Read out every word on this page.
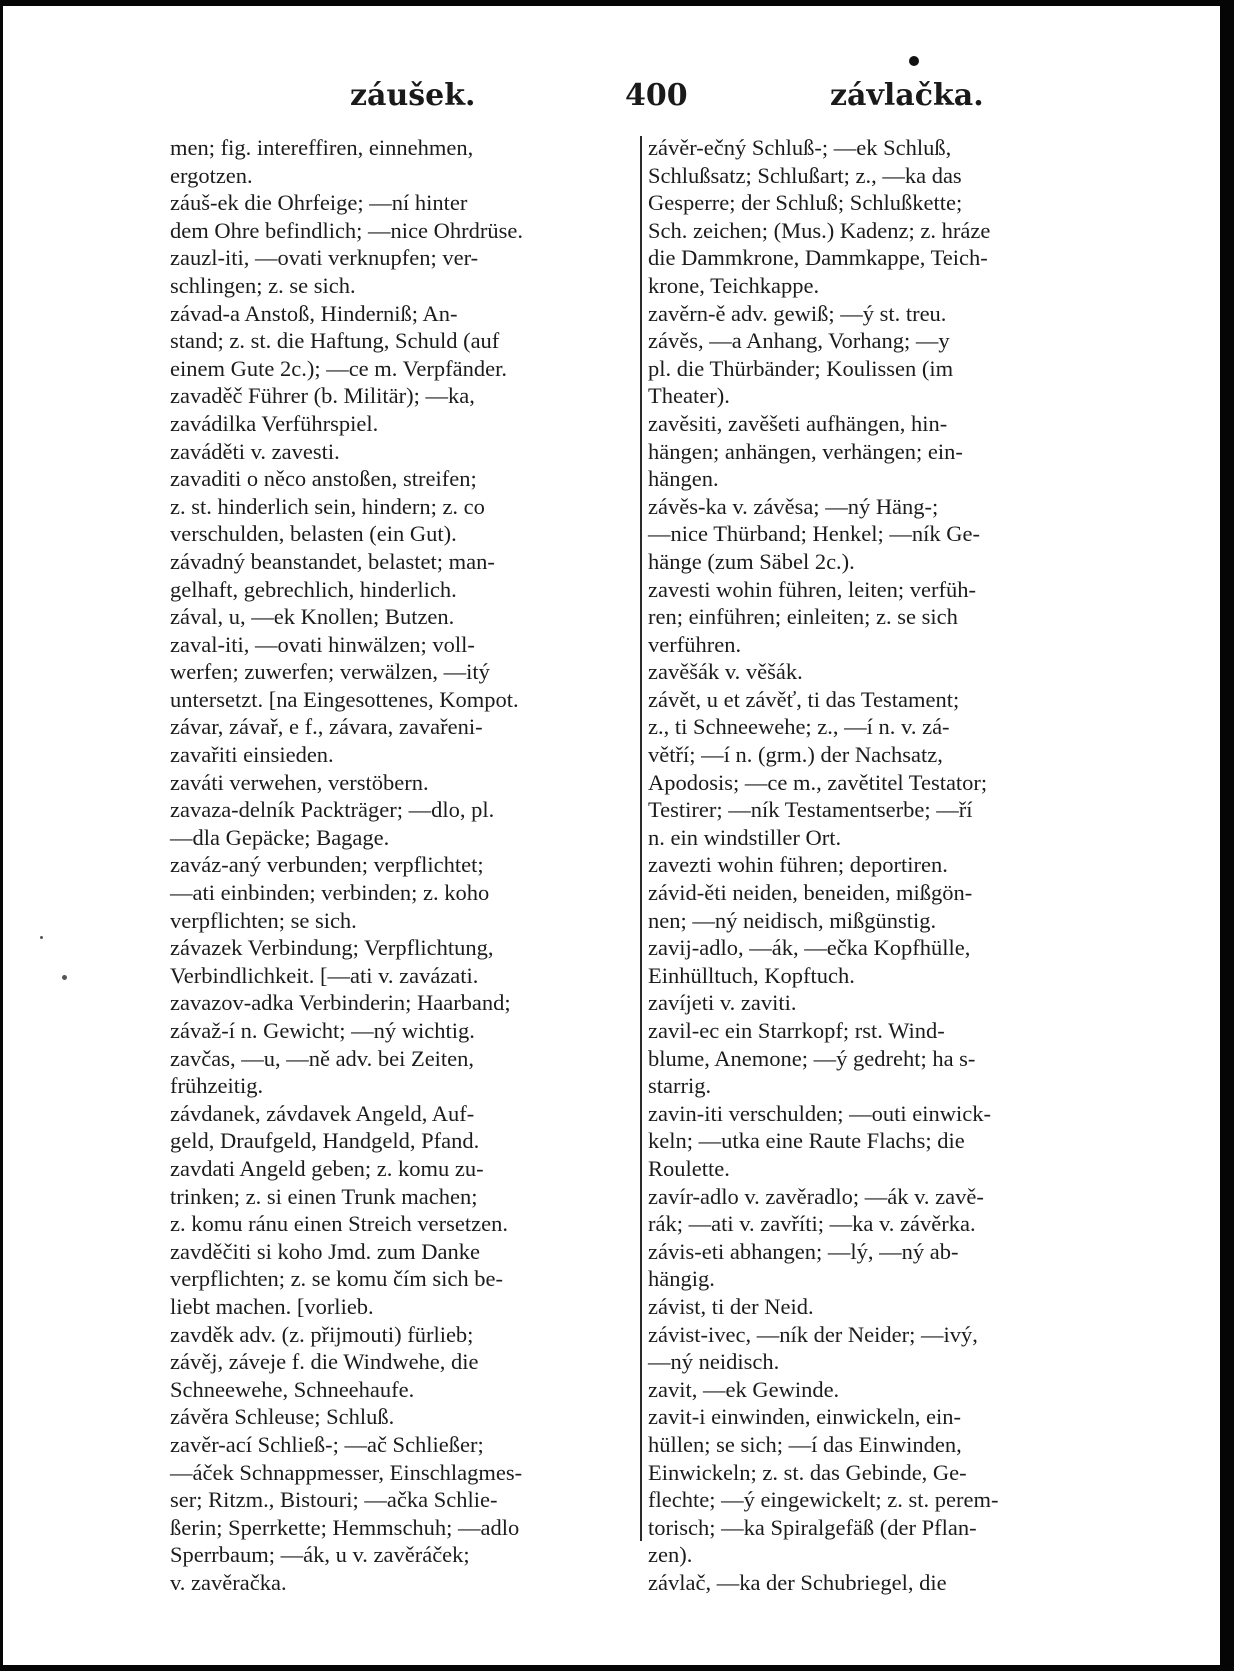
záušek.	400	závlačka.
men; fig. intereffiren, einnehmen,
ergotzen.
záuš-ek die Ohrfeige; —ní hinter
dem Ohre befindlich; —nice Ohrdrüse.
zauzl-iti, —ovati verknupfen; ver-
schlingen; z. se sich.
závad-a Anstoß, Hinderniß; An-
stand; z. st. die Haftung, Schuld (auf
einem Gute 2c.); —ce m. Verpfänder.
zavaděč Führer (b. Militär); —ka,
zavádilka Verführspiel.
zaváděti v. zavesti.
zavaditi o něco anstoßen, streifen;
z. st. hinderlich sein, hindern; z. co
verschulden, belasten (ein Gut).
závadný beanstandet, belastet; man-
gelhaft, gebrechlich, hinderlich.
zával, u, —ek Knollen; Butzen.
zaval-iti, —ovati hinwälzen; voll-
werfen; zuwerfen; verwälzen, —itý
untersetzt. [na Eingesottenes, Kompot.
závar, závař, e f., závara, zavařeni-
zavařiti einsieden.
zaváti verwehen, verstöbern.
zavaza-delník Packträger; —dlo, pl.
—dla Gepäcke; Bagage.
zaváz-aný verbunden; verpflichtet;
—ati einbinden; verbinden; z. koho
verpflichten; se sich.
závazek Verbindung; Verpflichtung,
Verbindlichkeit. [—ati v. zavázati.
zavazov-adka Verbinderin; Haarband;
závaž-í n. Gewicht; —ný wichtig.
zavčas, —u, —ně adv. bei Zeiten,
frühzeitig.
závdanek, závdavek Angeld, Auf-
geld, Draufgeld, Handgeld, Pfand.
zavdati Angeld geben; z. komu zu-
trinken; z. si einen Trunk machen;
z. komu ránu einen Streich versetzen.
zavděčiti si koho Jmd. zum Danke
verpflichten; z. se komu čím sich be-
liebt machen. [vorlieb.
zavděk adv. (z. přijmouti) fürlieb;
závěj, záveje f. die Windwehe, die
Schneewehe, Schneehaufe.
závěra Schleuse; Schluß.
zavěr-ací Schließ-; —ač Schließer;
—áček Schnappmesser, Einschlagmes-
ser; Ritzm., Bistouri; —ačka Schlie-
ßerin; Sperrkette; Hemmschuh; —adlo
Sperrbaum; —ák, u v. zavěráček;
v. zavěračka.
závěr-ečný Schluß-; —ek Schluß,
Schlußsatz; Schlußart; z., —ka das
Gesperre; der Schluß; Schlußkette;
Sch. zeichen; (Mus.) Kadenz; z. hráze
die Dammkrone, Dammkappe, Teich-
krone, Teichkappe.
zavěrn-ě adv. gewiß; —ý st. treu.
závěs, —a Anhang, Vorhang; —y
pl. die Thürbänder; Koulissen (im
Theater).
zavěsiti, zavěšeti aufhängen, hin-
hängen; anhängen, verhängen; ein-
hängen.
závěs-ka v. závěsa; —ný Häng-;
—nice Thürband; Henkel; —ník Ge-
hänge (zum Säbel 2c.).
zavesti wohin führen, leiten; verfüh-
ren; einführen; einleiten; z. se sich
verführen.
zavěšák v. věšák.
závět, u et závěť, ti das Testament;
z., ti Schneewehe; z., —í n. v. zá-
větří; —í n. (grm.) der Nachsatz,
Apodosis; —ce m., zavětitel Testator;
Testirer; —ník Testamentserbe; —ří
n. ein windstiller Ort.
zavezti wohin führen; deportiren.
závid-ěti neiden, beneiden, mißgön-
nen; —ný neidisch, mißgünstig.
zavij-adlo, —ák, —ečka Kopfhülle,
Einhülltuch, Kopftuch.
zavíjeti v. zaviti.
zavil-ec ein Starrkopf; rst. Wind-
blume, Anemone; —ý gedreht; ha s-
starrig.
zavin-iti verschulden; —outi einwick-
keln; —utka eine Raute Flachs; die
Roulette.
zavír-adlo v. zavěradlo; —ák v. zavě-
rák; —ati v. zavříti; —ka v. závěrka.
závis-eti abhangen; —lý, —ný ab-
hängig.
závist, ti der Neid.
závist-ivec, —ník der Neider; —ivý,
—ný neidisch.
zavit, —ek Gewinde.
zavit-i einwinden, einwickeln, ein-
hüllen; se sich; —í das Einwinden,
Einwickeln; z. st. das Gebinde, Ge-
flechte; —ý eingewickelt; z. st. perem-
torisch; —ka Spiralgefäß (der Pflan-
zen).
závlač, —ka der Schubriegel, die
